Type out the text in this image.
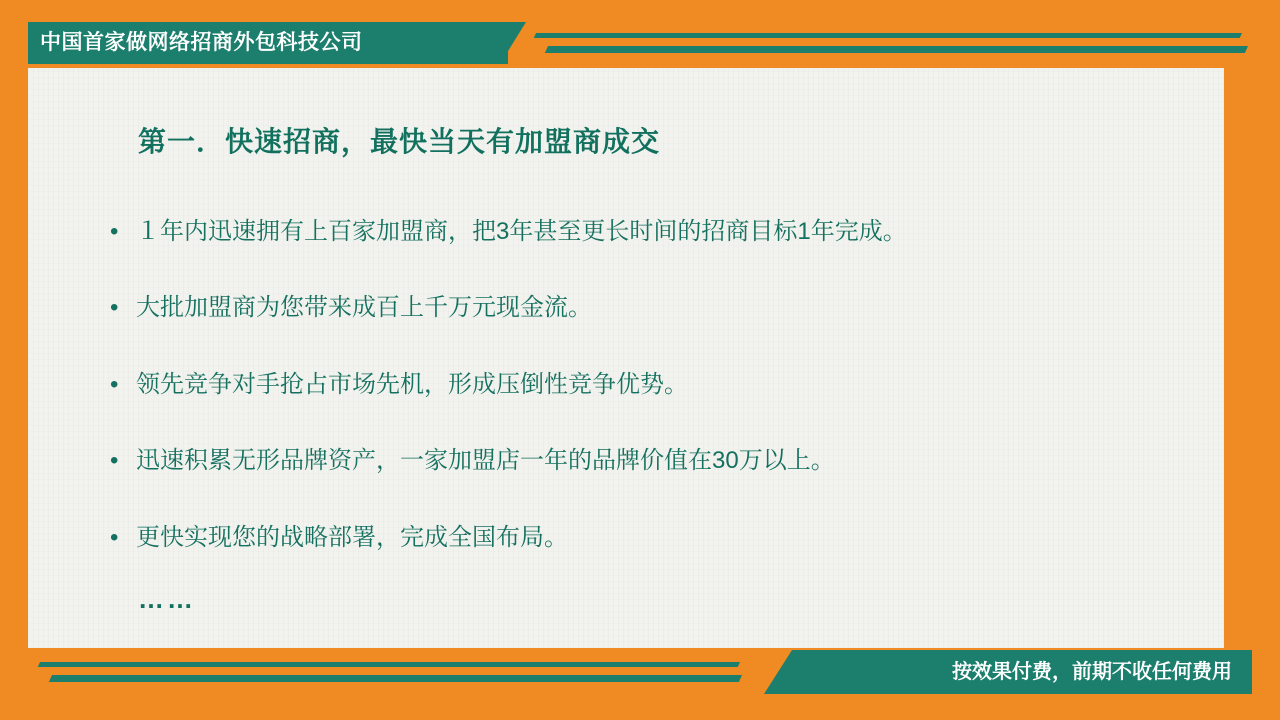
中国首家做网络招商外包科技公司
第一．快速招商，最快当天有加盟商成交
• １年内迅速拥有上百家加盟商，把3年甚至更长时间的招商目标1年完成。
• 大批加盟商为您带来成百上千万元现金流。
• 领先竞争对手抢占市场先机，形成压倒性竞争优势。
• 迅速积累无形品牌资产，一家加盟店一年的品牌价值在30万以上。
• 更快实现您的战略部署，完成全国布局。
……
按效果付费，前期不收任何费用
